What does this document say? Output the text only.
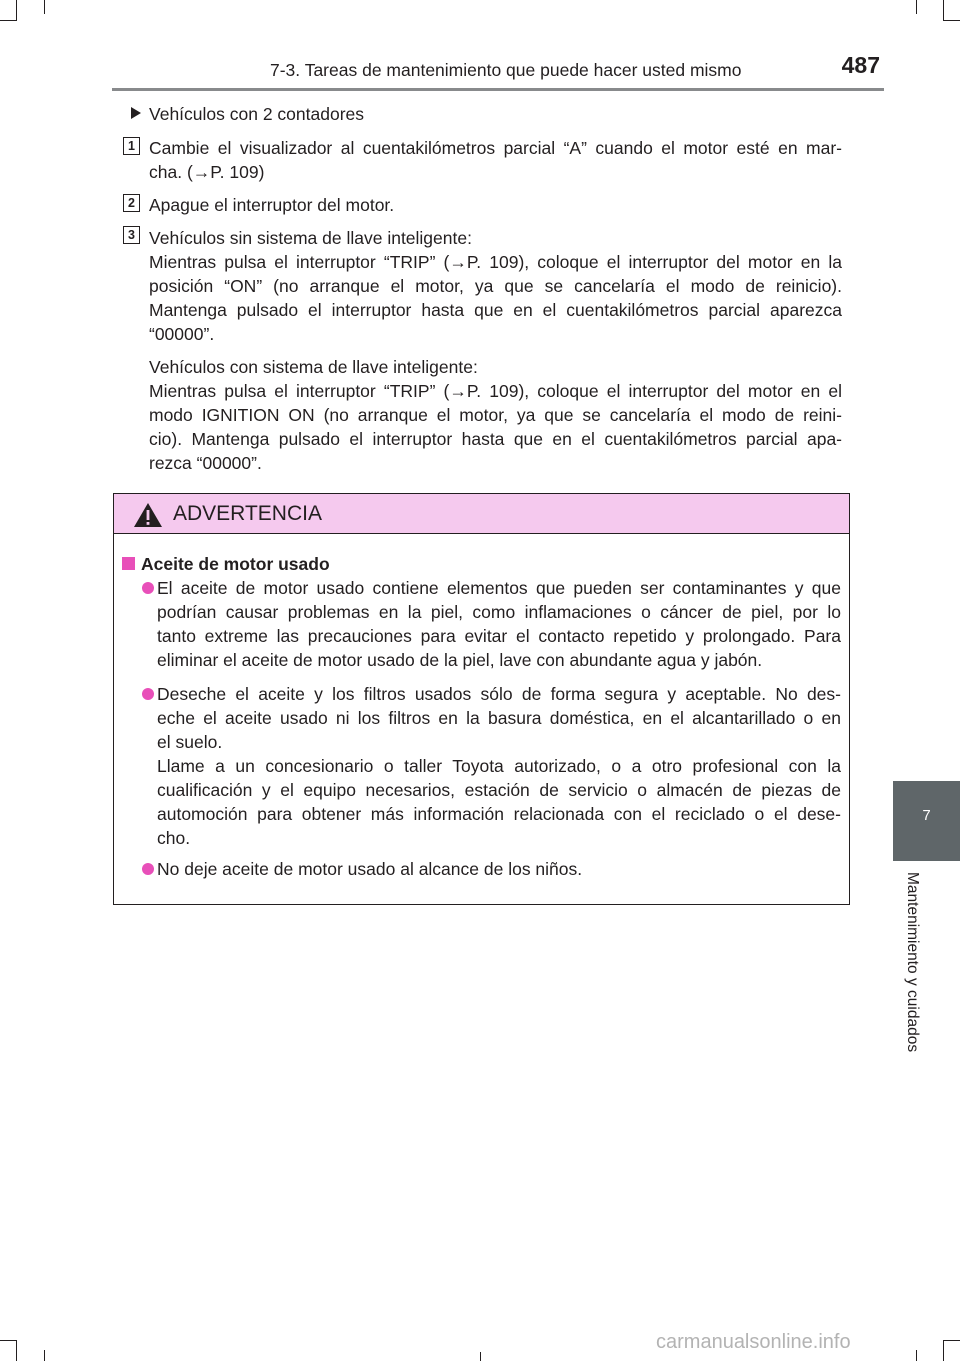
7-3. Tareas de mantenimiento que puede hacer usted mismo	487
7
Mantenimiento y cuidados
Vehículos con 2 contadores
1 Cambie el visualizador al cuentakilómetros parcial “A” cuando el motor esté en mar-
cha. (→P. 109)
2 Apague el interruptor del motor.
3 Vehículos sin sistema de llave inteligente:
Mientras pulsa el interruptor “TRIP” (→P. 109), coloque el interruptor del motor en la
posición “ON” (no arranque el motor, ya que se cancelaría el modo de reinicio).
Mantenga pulsado el interruptor hasta que en el cuentakilómetros parcial aparezca
“00000”.
Vehículos con sistema de llave inteligente:
Mientras pulsa el interruptor “TRIP” (→P. 109), coloque el interruptor del motor en el
modo IGNITION ON (no arranque el motor, ya que se cancelaría el modo de reini-
cio). Mantenga pulsado el interruptor hasta que en el cuentakilómetros parcial apa-
rezca “00000”.
ADVERTENCIA
Aceite de motor usado
El aceite de motor usado contiene elementos que pueden ser contaminantes y que
podrían causar problemas en la piel, como inflamaciones o cáncer de piel, por lo
tanto extreme las precauciones para evitar el contacto repetido y prolongado. Para
eliminar el aceite de motor usado de la piel, lave con abundante agua y jabón.
Deseche el aceite y los filtros usados sólo de forma segura y aceptable. No des-
eche el aceite usado ni los filtros en la basura doméstica, en el alcantarillado o en
el suelo.
Llame a un concesionario o taller Toyota autorizado, o a otro profesional con la
cualificación y el equipo necesarios, estación de servicio o almacén de piezas de
automoción para obtener más información relacionada con el reciclado o el dese-
cho.
No deje aceite de motor usado al alcance de los niños.
carmanualsonline.info
